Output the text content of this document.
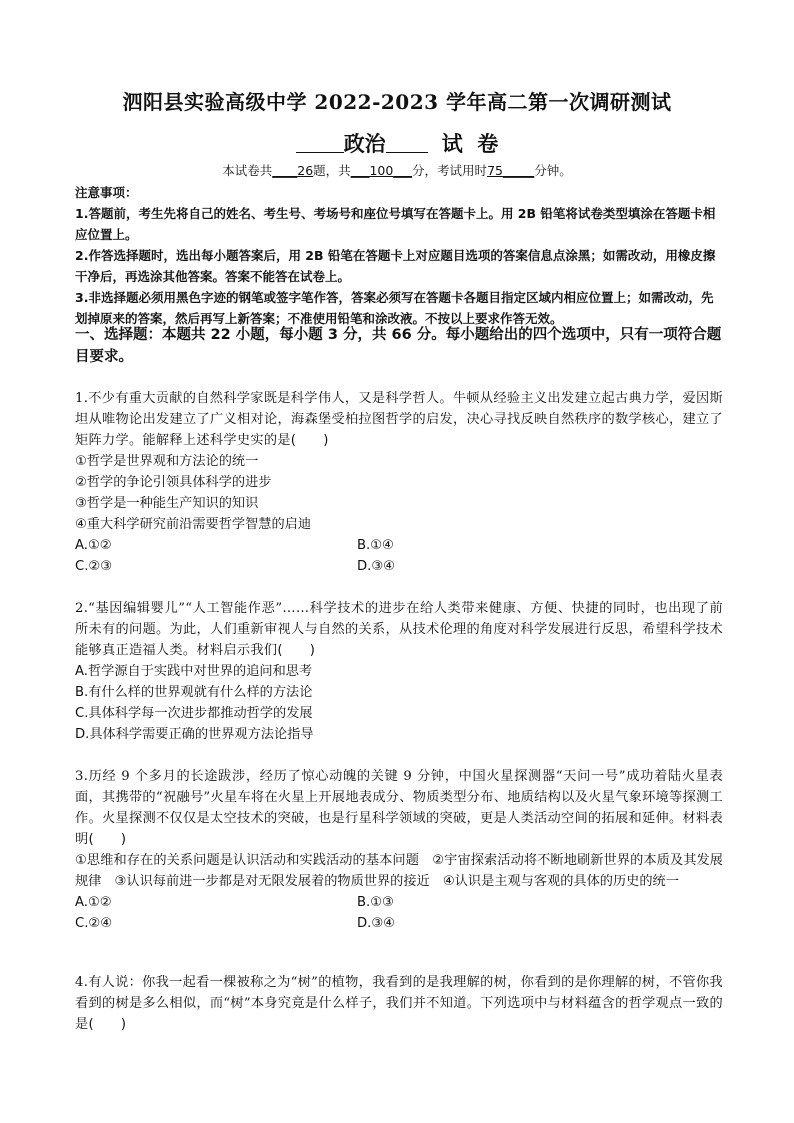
泗阳县实验高级中学 2022-2023 学年高二第一次调研测试
政治	试  卷
本试卷共____26题，共___100___分，考试用时75_____分钟。
注意事项：
1.答题前，考生先将自己的姓名、考生号、考场号和座位号填写在答题卡上。用 2B 铅笔将试卷类型填涂在答题卡相应位置上。
2.作答选择题时，选出每小题答案后，用 2B 铅笔在答题卡上对应题目选项的答案信息点涂黑；如需改动，用橡皮擦干净后，再选涂其他答案。答案不能答在试卷上。
3.非选择题必须用黑色字迹的钢笔或签字笔作答，答案必须写在答题卡各题目指定区域内相应位置上；如需改动，先划掉原来的答案，然后再写上新答案；不准使用铅笔和涂改液。不按以上要求作答无效。
一、选择题：本题共 22 小题，每小题 3 分，共 66 分。每小题给出的四个选项中，只有一项符合题目要求。
1.不少有重大贡献的自然科学家既是科学伟人，又是科学哲人。牛顿从经验主义出发建立起古典力学，爱因斯坦从唯物论出发建立了广义相对论，海森堡受柏拉图哲学的启发，决心寻找反映自然秩序的数学核心，建立了矩阵力学。能解释上述科学史实的是(　　)
①哲学是世界观和方法论的统一
②哲学的争论引领具体科学的进步
③哲学是一种能生产知识的知识
④重大科学研究前沿需要哲学智慧的启迪
A.①②	B.①④
C.②③	D.③④
2.“基因编辑婴儿”“人工智能作恶”……科学技术的进步在给人类带来健康、方便、快捷的同时，也出现了前所未有的问题。为此，人们重新审视人与自然的关系，从技术伦理的角度对科学发展进行反思，希望科学技术能够真正造福人类。材料启示我们(　　)
A.哲学源自于实践中对世界的追问和思考
B.有什么样的世界观就有什么样的方法论
C.具体科学每一次进步都推动哲学的发展
D.具体科学需要正确的世界观方法论指导
3.历经 9 个多月的长途跋涉，经历了惊心动魄的关键 9 分钟，中国火星探测器“天问一号”成功着陆火星表面，其携带的“祝融号”火星车将在火星上开展地表成分、物质类型分布、地质结构以及火星气象环境等探测工作。火星探测不仅仅是太空技术的突破，也是行星科学领域的突破，更是人类活动空间的拓展和延伸。材料表明(　　)
①思维和存在的关系问题是认识活动和实践活动的基本问题　②宇宙探索活动将不断地刷新世界的本质及其发展规律　③认识每前进一步都是对无限发展着的物质世界的接近　④认识是主观与客观的具体的历史的统一
A.①②	B.①③
C.②④	D.③④
4.有人说：你我一起看一棵被称之为“树”的植物，我看到的是我理解的树，你看到的是你理解的树，不管你我看到的树是多么相似，而“树”本身究竟是什么样子，我们并不知道。下列选项中与材料蕴含的哲学观点一致的是(　　)
